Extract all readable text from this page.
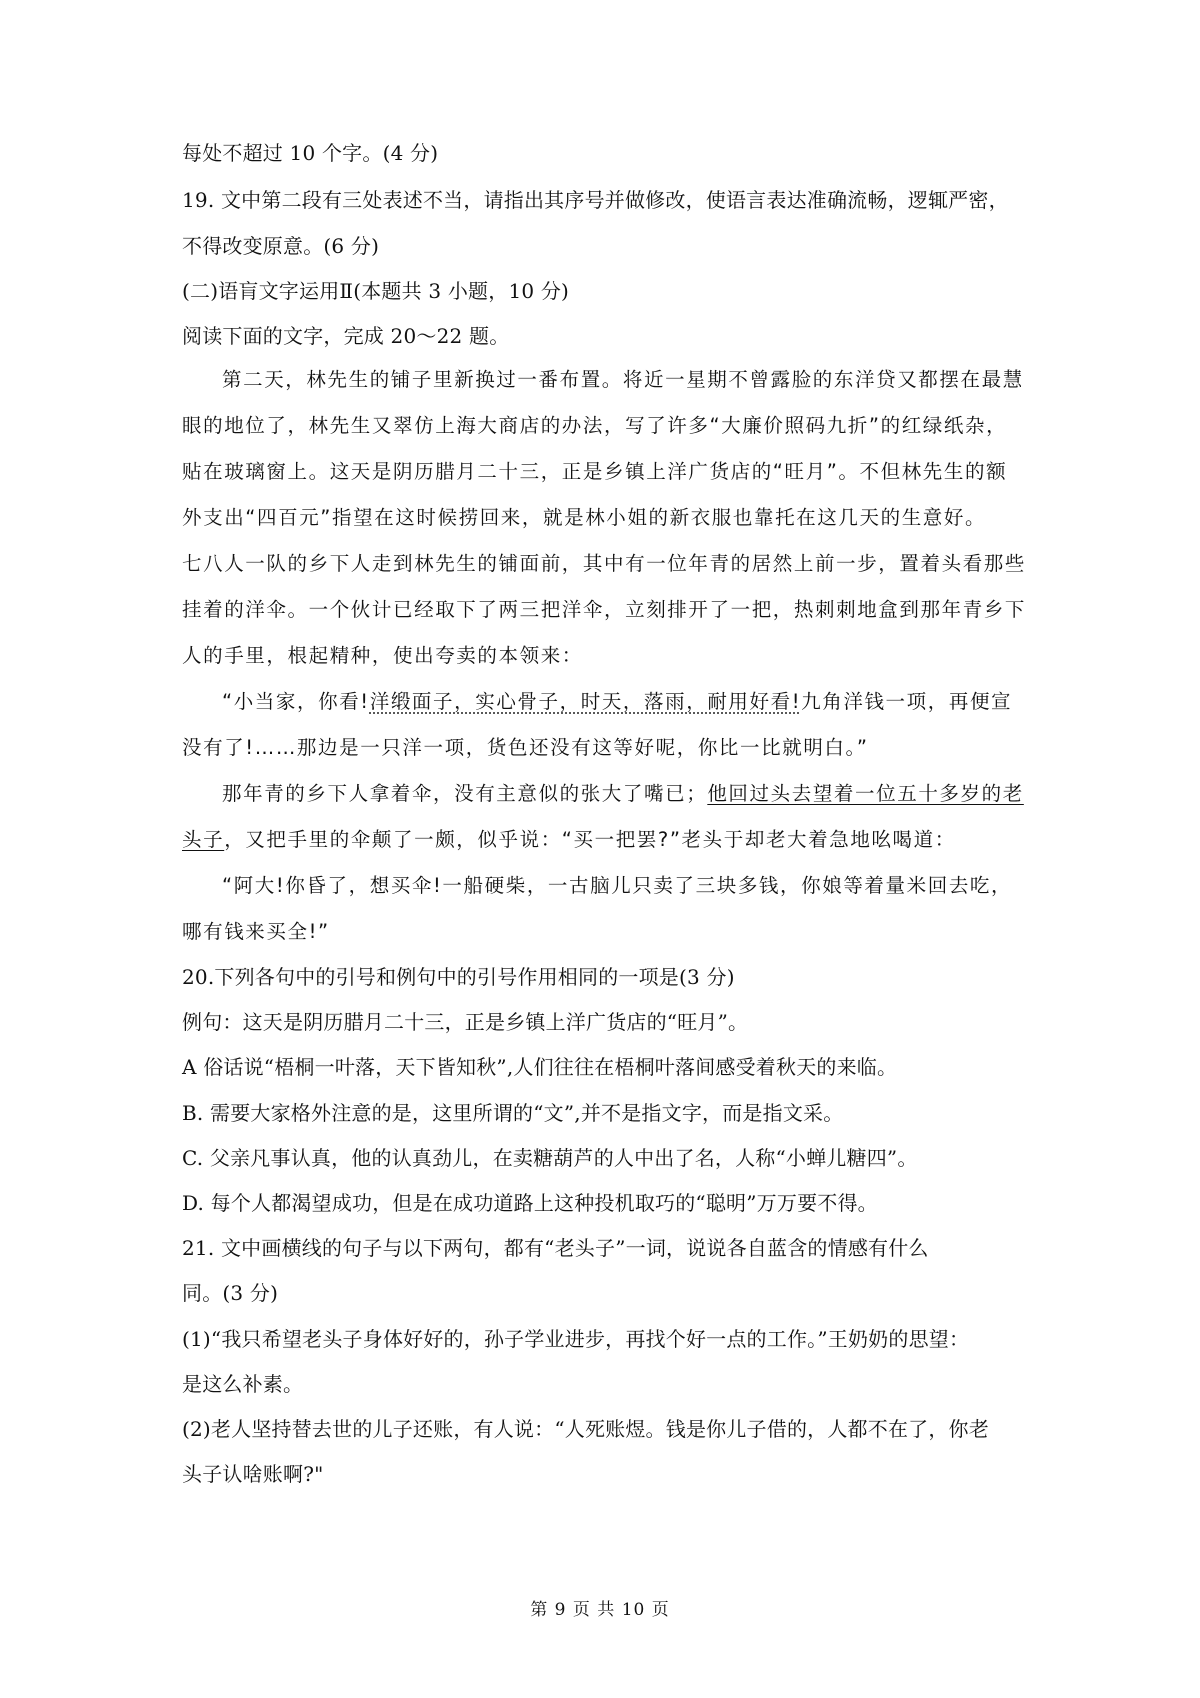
每处不超过 10 个字。(4 分)
19. 文中第二段有三处表述不当，请指出其序号并做修改，使语言表达准确流畅，逻辄严密，
不得改变原意。(6 分)
(二)语肓文字运用Ⅱ(本题共 3 小题，10 分)
阅读下面的文字，完成 20～22 题。
第二天，林先生的铺子里新换过一番布置。将近一星期不曾露脸的东洋贷又都摆在最慧
眼的地位了，林先生又翠仿上海大商店的办法，写了许多“大廉价照码九折”的红绿纸杂，
贴在玻璃窗上。这天是阴历腊月二十三，正是乡镇上洋广货店的“旺月”。不但林先生的额
外支出“四百元”指望在这时候捞回来，就是林小姐的新衣服也靠托在这几天的生意好。
七八人一队的乡下人走到林先生的铺面前，其中有一位年青的居然上前一步，置着头看那些
挂着的洋伞。一个伙计已经取下了两三把洋伞，立刻排开了一把，热刺刺地盒到那年青乡下
人的手里，根起精种，使出夸卖的本领来：
“小当家，你看!洋缎面子，实心骨子，时天，落雨，耐用好看!九角洋钱一项，再便宣
没有了!……那边是一只洋一项，货色还没有这等好呢，你比一比就明白。”
那年青的乡下人拿着伞，没有主意似的张大了嘴已；他回过头去望着一位五十多岁的老
头子，又把手里的伞颠了一颇，似乎说：“买一把罢?”老头于却老大着急地吆喝道：
“阿大!你昏了，想买伞!一船硬柴，一古脑儿只卖了三块多钱，你娘等着量米回去吃，
哪有钱来买全!”
20.下列各句中的引号和例句中的引号作用相同的一项是(3 分)
例句：这天是阴历腊月二十三，正是乡镇上洋广货店的“旺月”。
A 俗话说“梧桐一叶落，天下皆知秋”,人们往往在梧桐叶落间感受着秋天的来临。
B. 需要大家格外注意的是，这里所谓的“文”,并不是指文字，而是指文采。
C. 父亲凡事认真，他的认真劲儿，在卖糖葫芦的人中出了名，人称“小蝉儿糖四”。
D. 每个人都渴望成功，但是在成功道路上这种投机取巧的“聪明”万万要不得。
21. 文中画横线的句子与以下两句，都有“老头子”一词，说说各自蓝含的情感有什么
同。(3 分)
(1)“我只希望老头子身体好好的，孙子学业进步，再找个好一点的工作。”王奶奶的思望：
是这么补素。
(2)老人坚持替去世的儿子还账，有人说：“人死账煜。钱是你儿子借的，人都不在了，你老
头子认啥账啊?"
第 9 页 共 10 页
